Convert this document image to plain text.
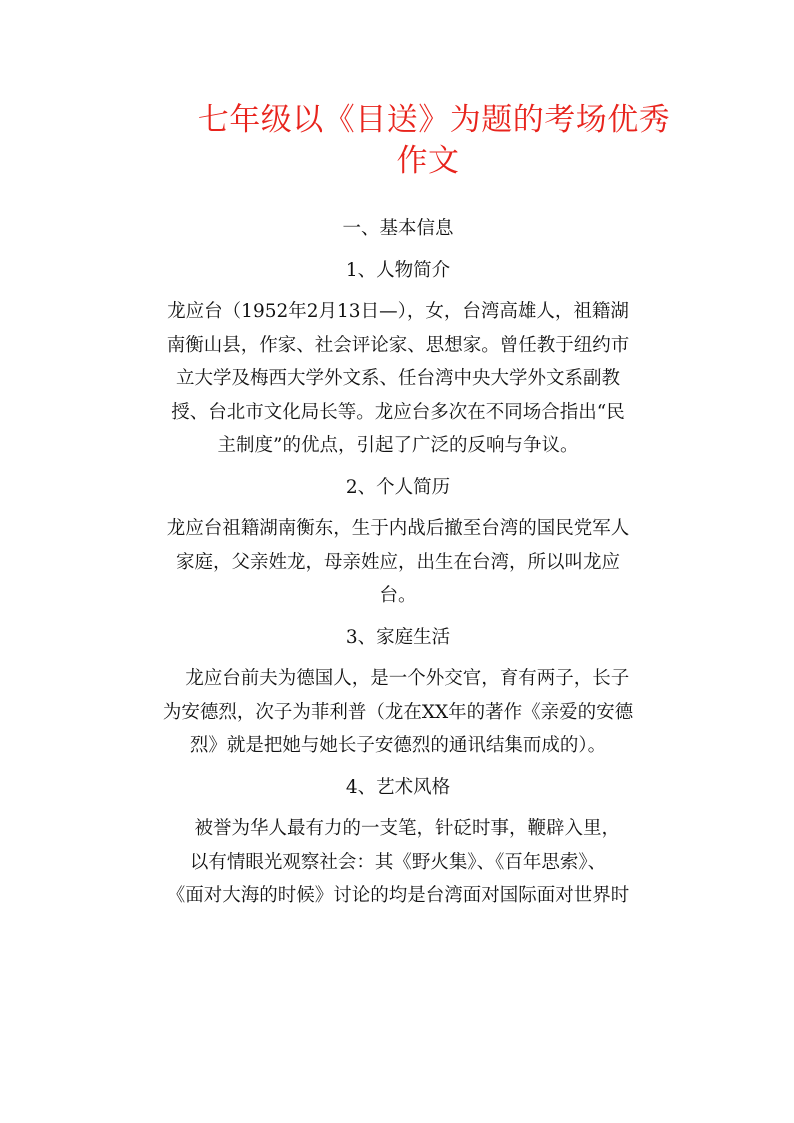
七年级以《目送》为题的考场优秀
作文
一、基本信息
1、人物简介
龙应台（1952年2月13日—），女，台湾高雄人，祖籍湖
南衡山县，作家、社会评论家、思想家。曾任教于纽约市
立大学及梅西大学外文系、任台湾中央大学外文系副教
授、台北市文化局长等。龙应台多次在不同场合指出“民
主制度”的优点，引起了广泛的反响与争议。
2、个人简历
龙应台祖籍湖南衡东，生于内战后撤至台湾的国民党军人
家庭，父亲姓龙，母亲姓应，出生在台湾，所以叫龙应
台。
3、家庭生活
　龙应台前夫为德国人，是一个外交官，育有两子，长子
为安德烈，次子为菲利普（龙在XX年的著作《亲爱的安德
烈》就是把她与她长子安德烈的通讯结集而成的）。
4、艺术风格
　被誉为华人最有力的一支笔，针砭时事，鞭辟入里，
以有情眼光观察社会：其《野火集》、《百年思索》、
《面对大海的时候》讨论的均是台湾面对国际面对世界时
